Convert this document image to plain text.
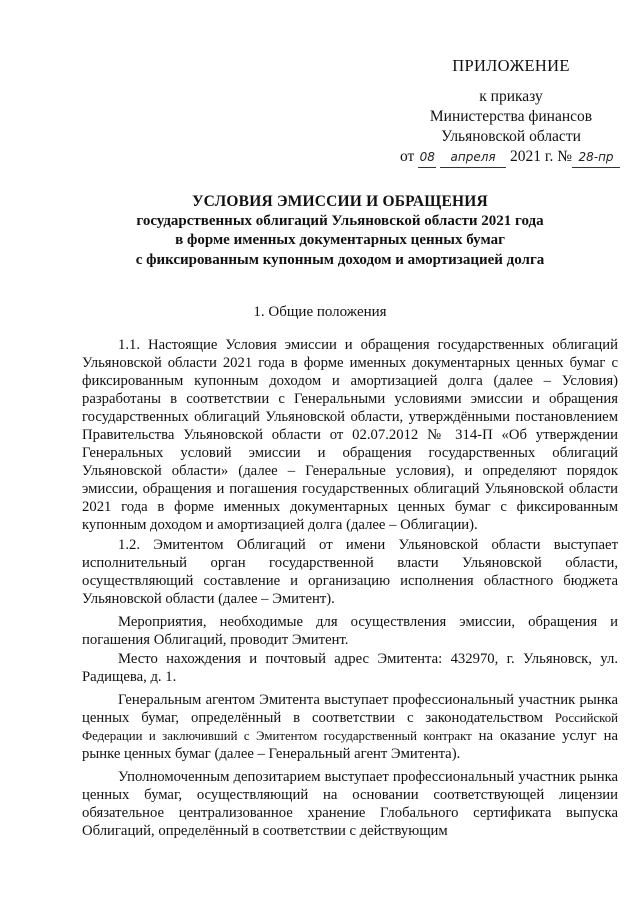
ПРИЛОЖЕНИЕ
к приказу
Министерства финансов
Ульяновской области
от 08 апреля 2021 г. № 28-пр
УСЛОВИЯ ЭМИССИИ И ОБРАЩЕНИЯ
государственных облигаций Ульяновской области 2021 года
в форме именных документарных ценных бумаг
с фиксированным купонным доходом и амортизацией долга
1. Общие положения

1.1. Настоящие Условия эмиссии и обращения государственных облигаций Ульяновской области 2021 года в форме именных документарных ценных бумаг с фиксированным купонным доходом и амортизацией долга (далее – Условия) разработаны в соответствии с Генеральными условиями эмиссии и обращения государственных облигаций Ульяновской области, утверждёнными постановлением Правительства Ульяновской области от 02.07.2012 № 314-П «Об утверждении Генеральных условий эмиссии и обращения государственных облигаций Ульяновской области» (далее – Генеральные условия), и определяют порядок эмиссии, обращения и погашения государственных облигаций Ульяновской области 2021 года в форме именных документарных ценных бумаг с фиксированным купонным доходом и амортизацией долга (далее – Облигации).

1.2. Эмитентом Облигаций от имени Ульяновской области выступает исполнительный орган государственной власти Ульяновской области, осуществляющий составление и организацию исполнения областного бюджета Ульяновской области (далее – Эмитент).

Мероприятия, необходимые для осуществления эмиссии, обращения и погашения Облигаций, проводит Эмитент.

Место нахождения и почтовый адрес Эмитента: 432970, г. Ульяновск, ул. Радищева, д. 1.

Генеральным агентом Эмитента выступает профессиональный участник рынка ценных бумаг, определённый в соответствии с законодательством Российской Федерации и заключивший с Эмитентом государственный контракт на оказание услуг на рынке ценных бумаг (далее – Генеральный агент Эмитента).

Уполномоченным депозитарием выступает профессиональный участник рынка ценных бумаг, осуществляющий на основании соответствующей лицензии обязательное централизованное хранение Глобального сертификата выпуска Облигаций, определённый в соответствии с действующим
